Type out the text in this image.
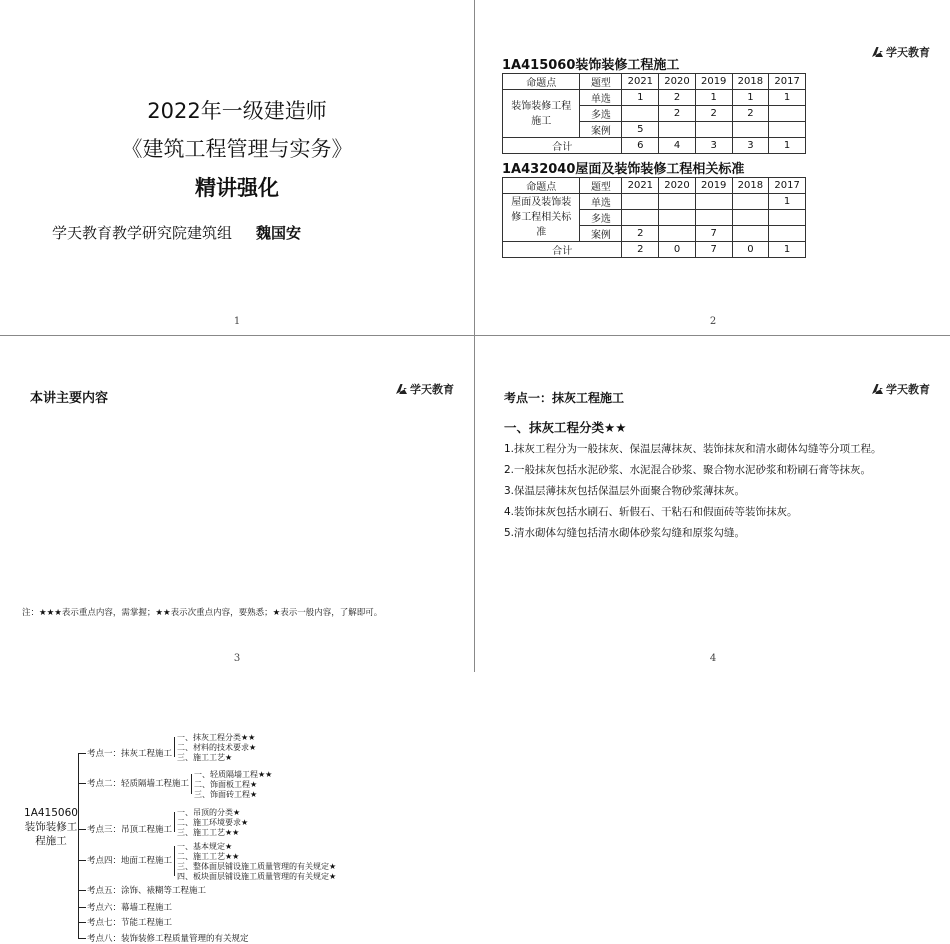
2022年一级建造师
《建筑工程管理与实务》
精讲强化
学天教育教学研究院建筑组 魏国安
1
学天教育
1A415060装饰装修工程施工
命题点	题型	2021	2020	2019	2018	2017
装饰装修工程施工	单选	1	2	1	1	1
	多选		2	2	2	
	案例	5				
合计		6	4	3	3	1
1A432040屋面及装饰装修工程相关标准
命题点	题型	2021	2020	2019	2018	2017
屋面及装饰装修工程相关标准	单选					1
	多选					
	案例	2		7		
合计		2	0	7	0	1
2
学天教育
本讲主要内容
1A415060装饰装修工程施工
考点一：抹灰工程施工
一、抹灰工程分类★★
二、材料的技术要求★
三、施工工艺★
考点二：轻质隔墙工程施工
一、轻质隔墙工程★★
二、饰面板工程★
三、饰面砖工程★
考点三：吊顶工程施工
一、吊顶的分类★
二、施工环境要求★
三、施工工艺★★
考点四：地面工程施工
一、基本规定★
二、施工工艺★★
三、整体面层铺设施工质量管理的有关规定★
四、板块面层铺设施工质量管理的有关规定★
考点五：涂饰、裱糊等工程施工
考点六：幕墙工程施工
考点七：节能工程施工
考点八：装饰装修工程质量管理的有关规定
3
注：★★★表示重点内容，需掌握；★★表示次重点内容，要熟悉；★表示一般内容，了解即可。
学天教育
4
考点一：抹灰工程施工
一、抹灰工程分类★★
1.抹灰工程分为一般抹灰、保温层薄抹灰、装饰抹灰和清水砌体勾缝等分项工程。
2.一般抹灰包括水泥砂浆、水泥混合砂浆、聚合物水泥砂浆和粉刷石膏等抹灰。
3.保温层薄抹灰包括保温层外面聚合物砂浆薄抹灰。
4.装饰抹灰包括水刷石、斩假石、干粘石和假面砖等装饰抹灰。
5.清水砌体勾缝包括清水砌体砂浆勾缝和原浆勾缝。
